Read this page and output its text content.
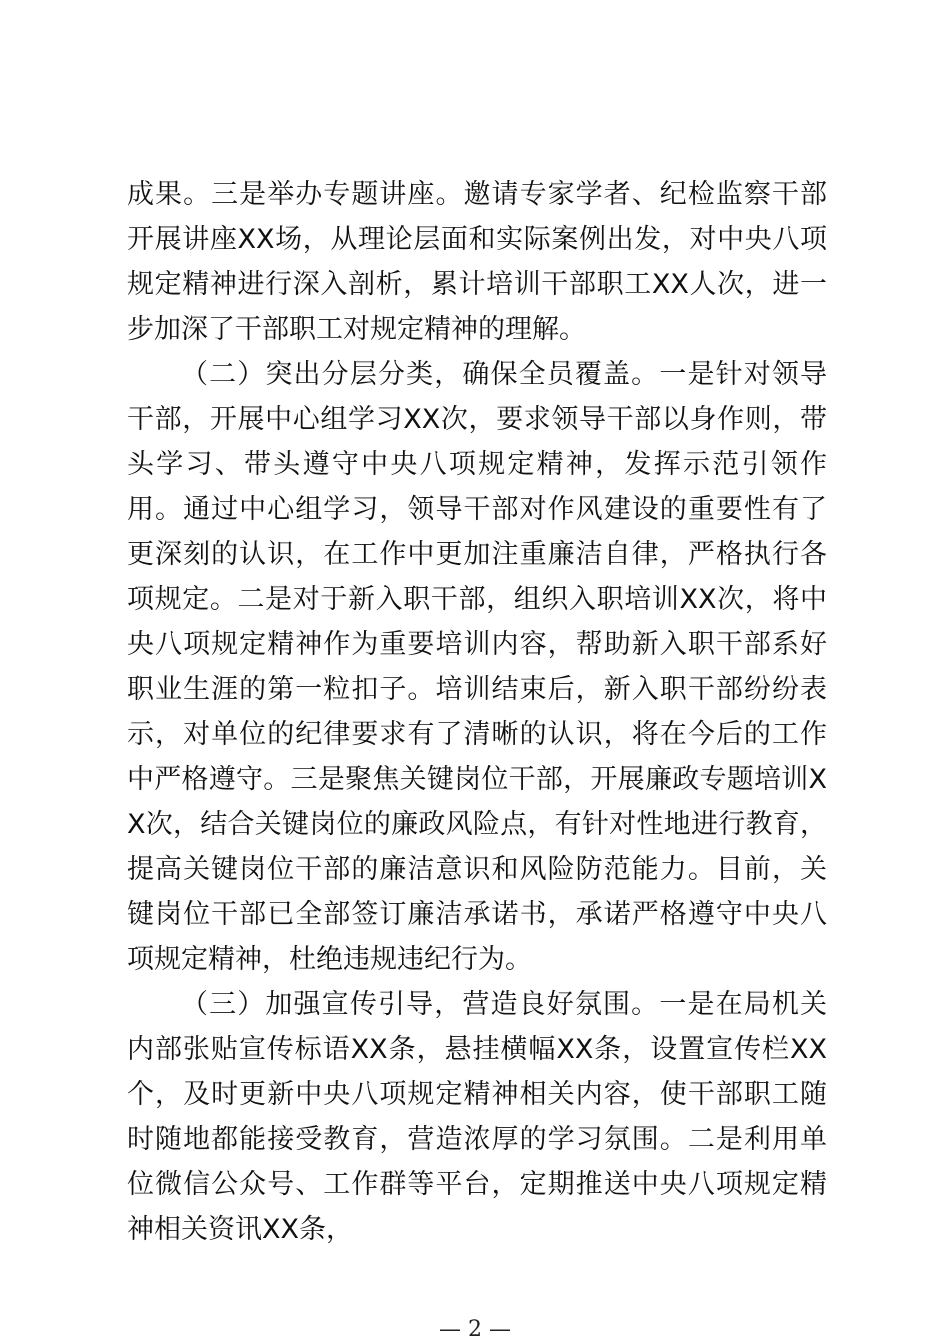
成果。三是举办专题讲座。邀请专家学者、纪检监察干部开展讲座XX场，从理论层面和实际案例出发，对中央八项规定精神进行深入剖析，累计培训干部职工XX人次，进一步加深了干部职工对规定精神的理解。

（二）突出分层分类，确保全员覆盖。一是针对领导干部，开展中心组学习XX次，要求领导干部以身作则，带头学习、带头遵守中央八项规定精神，发挥示范引领作用。通过中心组学习，领导干部对作风建设的重要性有了更深刻的认识，在工作中更加注重廉洁自律，严格执行各项规定。二是对于新入职干部，组织入职培训XX次，将中央八项规定精神作为重要培训内容，帮助新入职干部系好职业生涯的第一粒扣子。培训结束后，新入职干部纷纷表示，对单位的纪律要求有了清晰的认识，将在今后的工作中严格遵守。三是聚焦关键岗位干部，开展廉政专题培训XX次，结合关键岗位的廉政风险点，有针对性地进行教育，提高关键岗位干部的廉洁意识和风险防范能力。目前，关键岗位干部已全部签订廉洁承诺书，承诺严格遵守中央八项规定精神，杜绝违规违纪行为。

（三）加强宣传引导，营造良好氛围。一是在局机关内部张贴宣传标语XX条，悬挂横幅XX条，设置宣传栏XX个，及时更新中央八项规定精神相关内容，使干部职工随时随地都能接受教育，营造浓厚的学习氛围。二是利用单位微信公众号、工作群等平台，定期推送中央八项规定精神相关资讯XX条，

— 2 —
